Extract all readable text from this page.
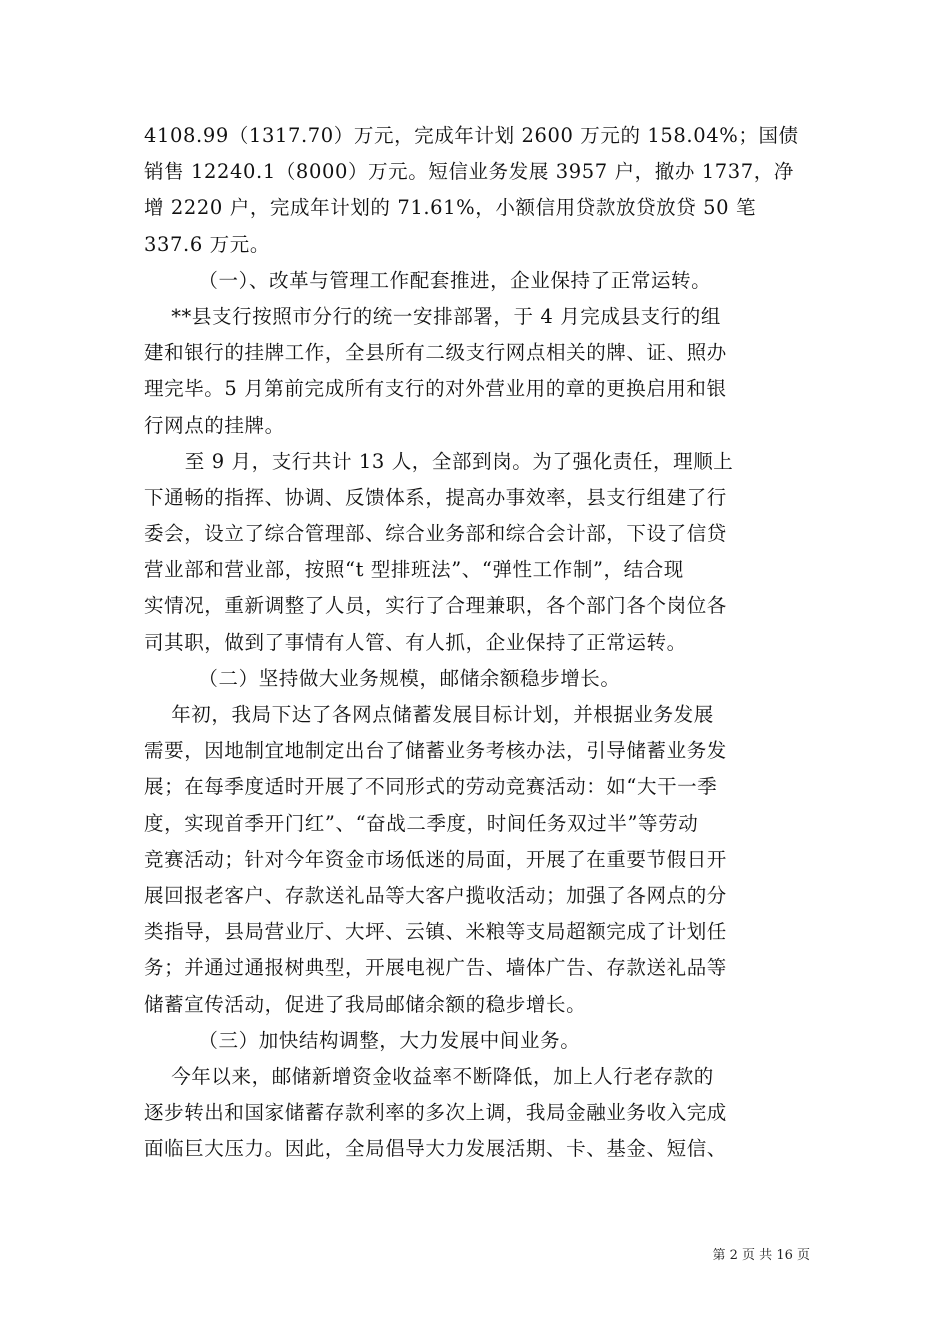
4108.99（1317.70）万元，完成年计划 2600 万元的 158.04%；国债
销售 12240.1（8000）万元。短信业务发展 3957 户，撤办 1737，净
增 2220 户，完成年计划的 71.61%，小额信用贷款放贷放贷 50 笔
337.6 万元。
（一）、改革与管理工作配套推进，企业保持了正常运转。
**县支行按照市分行的统一安排部署，于 4 月完成县支行的组
建和银行的挂牌工作，全县所有二级支行网点相关的牌、证、照办
理完毕。5 月第前完成所有支行的对外营业用的章的更换启用和银
行网点的挂牌。
至 9 月，支行共计 13 人，全部到岗。为了强化责任，理顺上
下通畅的指挥、协调、反馈体系，提高办事效率，县支行组建了行
委会，设立了综合管理部、综合业务部和综合会计部，下设了信贷
营业部和营业部，按照“t 型排班法”、“弹性工作制”，结合现
实情况，重新调整了人员，实行了合理兼职，各个部门各个岗位各
司其职，做到了事情有人管、有人抓，企业保持了正常运转。
（二）坚持做大业务规模，邮储余额稳步增长。
年初，我局下达了各网点储蓄发展目标计划，并根据业务发展
需要，因地制宜地制定出台了储蓄业务考核办法，引导储蓄业务发
展；在每季度适时开展了不同形式的劳动竞赛活动：如“大干一季
度，实现首季开门红”、“奋战二季度，时间任务双过半”等劳动
竞赛活动；针对今年资金市场低迷的局面，开展了在重要节假日开
展回报老客户、存款送礼品等大客户揽收活动；加强了各网点的分
类指导，县局营业厅、大坪、云镇、米粮等支局超额完成了计划任
务；并通过通报树典型，开展电视广告、墙体广告、存款送礼品等
储蓄宣传活动，促进了我局邮储余额的稳步增长。
（三）加快结构调整，大力发展中间业务。
今年以来，邮储新增资金收益率不断降低，加上人行老存款的
逐步转出和国家储蓄存款利率的多次上调，我局金融业务收入完成
面临巨大压力。因此，全局倡导大力发展活期、卡、基金、短信、
第 2 页 共 16 页
